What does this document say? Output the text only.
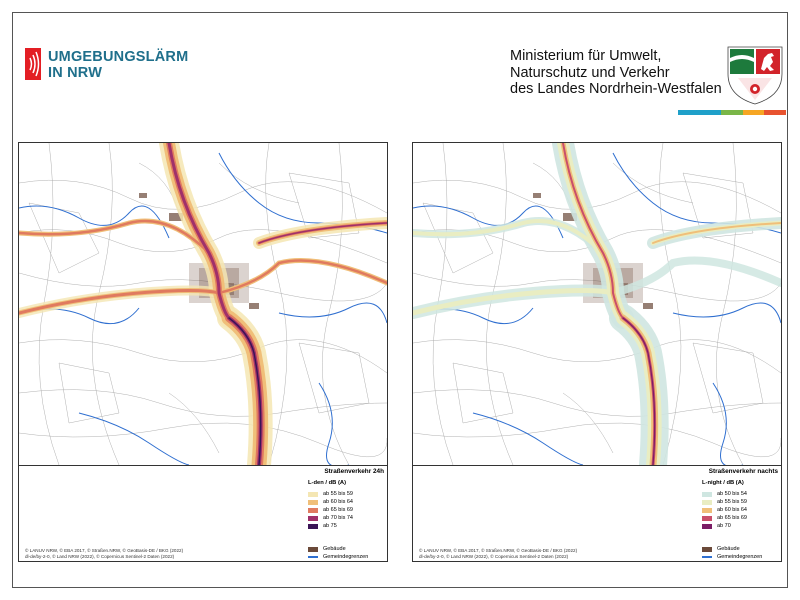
UMGEBUNGSLÄRM
IN NRW
Ministerium für Umwelt,
Naturschutz und Verkehr
des Landes Nordrhein-Westfalen
© LANUV NRW, © EBA 2017, © Straßen.NRW, © GeoBasis-DE / BKG (2022)
dl-de/by-2-0, © Land NRW (2022), © Copernicus Sentinel-2 Daten (2022)
Straßenverkehr 24h
L-den / dB (A)
ab 55 bis 59
ab 60 bis 64
ab 65 bis 69
ab 70 bis 74
ab 75
Gebäude
Gemeindegrenzen
© LANUV NRW, © EBA 2017, © Straßen.NRW, © GeoBasis-DE / BKG (2022)
dl-de/by-2-0, © Land NRW (2022), © Copernicus Sentinel-2 Daten (2022)
Straßenverkehr nachts
L-night / dB (A)
ab 50 bis 54
ab 55 bis 59
ab 60 bis 64
ab 65 bis 69
ab 70
Gebäude
Gemeindegrenzen
